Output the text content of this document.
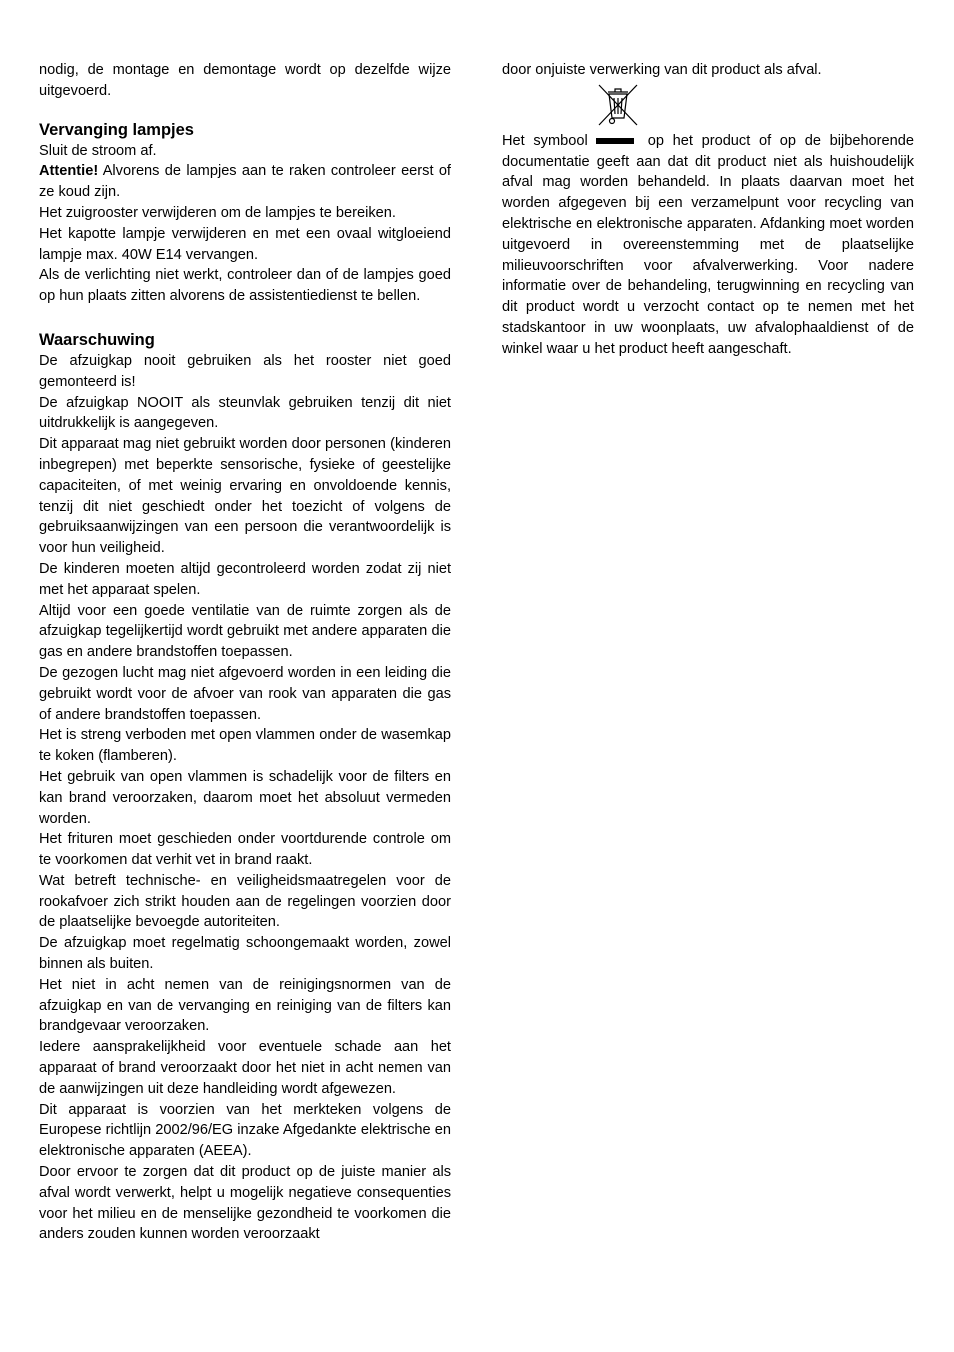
nodig, de montage en demontage wordt op dezelfde wijze uitgevoerd.

Vervanging lampjes

Sluit de stroom af.

Attentie! Alvorens de lampjes aan te raken controleer eerst of ze koud zijn.

Het zuigrooster verwijderen om de lampjes te bereiken.

Het kapotte lampje verwijderen en met een ovaal witgloeiend lampje max. 40W E14 vervangen.

Als de verlichting niet werkt, controleer dan of de lampjes goed op hun plaats zitten alvorens de assistentiedienst te bellen.

Waarschuwing

De afzuigkap nooit gebruiken als het rooster niet goed gemonteerd is!

De afzuigkap NOOIT als steunvlak gebruiken tenzij dit niet uitdrukkelijk is aangegeven.

Dit apparaat mag niet gebruikt worden door personen (kinderen inbegrepen) met beperkte sensorische, fysieke of geestelijke capaciteiten, of met weinig ervaring en onvoldoende kennis, tenzij dit niet geschiedt onder het toezicht of volgens de gebruiksaanwijzingen van een persoon die verantwoordelijk is voor hun veiligheid.

De kinderen moeten altijd gecontroleerd worden zodat zij niet met het apparaat spelen.

Altijd voor een goede ventilatie van de ruimte zorgen als de afzuigkap tegelijkertijd wordt gebruikt met andere apparaten die gas en andere brandstoffen toepassen.

De gezogen lucht mag niet afgevoerd worden in een leiding die gebruikt wordt voor de afvoer van rook van apparaten die gas of andere brandstoffen toepassen.

Het is streng verboden met open vlammen onder de wasemkap te koken (flamberen).

Het gebruik van open vlammen is schadelijk voor de filters en kan brand veroorzaken, daarom moet het absoluut vermeden worden.

Het frituren moet geschieden onder voortdurende controle om te voorkomen dat verhit vet in brand raakt.

Wat betreft technische- en veiligheidsmaatregelen voor de rookafvoer zich strikt houden aan de regelingen voorzien door de plaatselijke bevoegde autoriteiten.

De afzuigkap moet regelmatig schoongemaakt worden, zowel binnen als buiten.

Het niet in acht nemen van de reinigingsnormen van de afzuigkap en van de vervanging en reiniging van de filters kan brandgevaar veroorzaken.

Iedere aansprakelijkheid voor eventuele schade aan het apparaat of brand veroorzaakt door het niet in acht nemen van de aanwijzingen uit deze handleiding wordt afgewezen.

Dit apparaat is voorzien van het merkteken volgens de Europese richtlijn 2002/96/EG inzake Afgedankte elektrische en elektronische apparaten (AEEA).

Door ervoor te zorgen dat dit product op de juiste manier als afval wordt verwerkt, helpt u mogelijk negatieve consequenties voor het milieu en de menselijke gezondheid te voorkomen die anders zouden kunnen worden veroorzaakt

door onjuiste verwerking van dit product als afval.

Het symbool	op het product of op de bijbehorende documentatie geeft aan dat dit product niet als huishoudelijk afval mag worden behandeld. In plaats daarvan moet het worden afgegeven bij een verzamelpunt voor recycling van elektrische en elektronische apparaten. Afdanking moet worden uitgevoerd in overeenstemming met de plaatselijke milieuvoorschriften voor afvalverwerking. Voor nadere informatie over de behandeling, terugwinning en recycling van dit product wordt u verzocht contact op te nemen met het stadskantoor in uw woonplaats, uw afvalophaaldienst of de winkel waar u het product heeft aangeschaft.
